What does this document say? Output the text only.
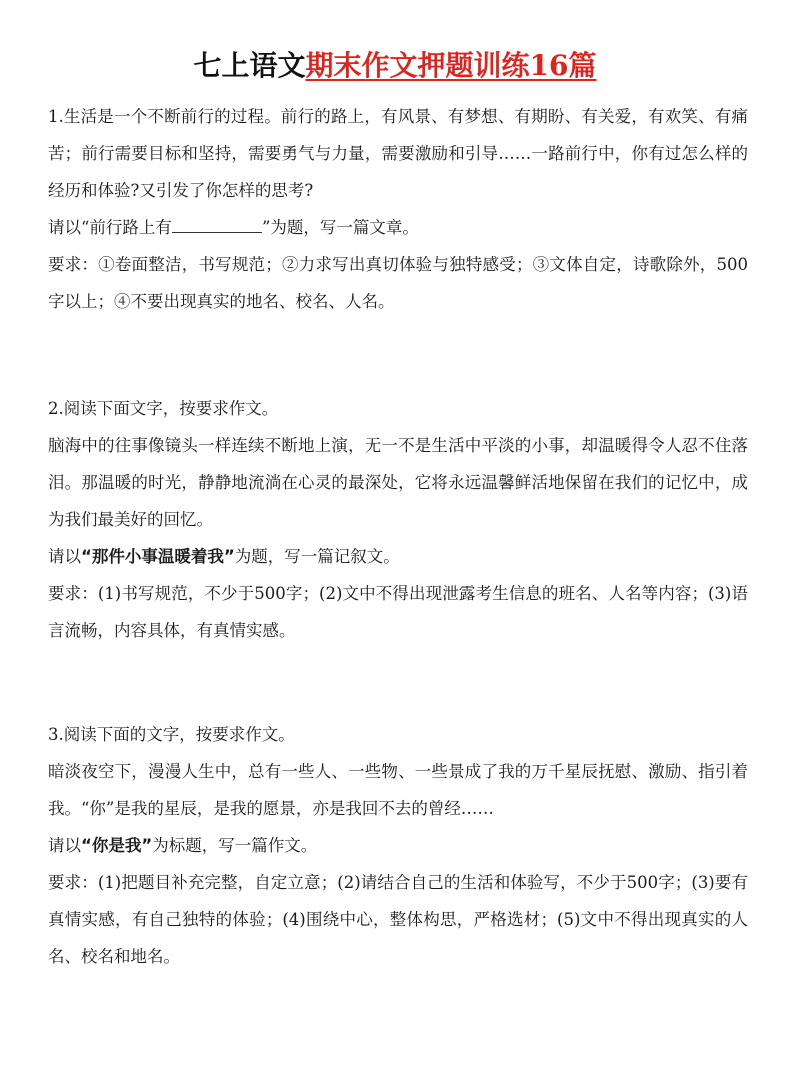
七上语文期末作文押题训练16篇

1.生活是一个不断前行的过程。前行的路上，有风景、有梦想、有期盼、有关爱，有欢笑、有痛苦；前行需要目标和坚持，需要勇气与力量，需要激励和引导……一路前行中，你有过怎么样的经历和体验?又引发了你怎样的思考?

请以“前行路上有	”为题，写一篇文章。

要求：①卷面整洁，书写规范；②力求写出真切体验与独特感受；③文体自定，诗歌除外，500字以上；④不要出现真实的地名、校名、人名。

2.阅读下面文字，按要求作文。

脑海中的往事像镜头一样连续不断地上演，无一不是生活中平淡的小事，却温暖得令人忍不住落泪。那温暖的时光，静静地流淌在心灵的最深处，它将永远温馨鲜活地保留在我们的记忆中，成为我们最美好的回忆。

请以“那件小事温暖着我”为题，写一篇记叙文。

要求：(1)书写规范，不少于500字；(2)文中不得出现泄露考生信息的班名、人名等内容；(3)语言流畅，内容具体，有真情实感。

3.阅读下面的文字，按要求作文。

暗淡夜空下，漫漫人生中，总有一些人、一些物、一些景成了我的万千星辰抚慰、激励、指引着我。“你”是我的星辰，是我的愿景，亦是我回不去的曾经……

请以“你是我”为标题，写一篇作文。

要求：(1)把题目补充完整，自定立意；(2)请结合自己的生活和体验写，不少于500字；(3)要有真情实感，有自己独特的体验；(4)围绕中心，整体构思，严格选材；(5)文中不得出现真实的人名、校名和地名。
